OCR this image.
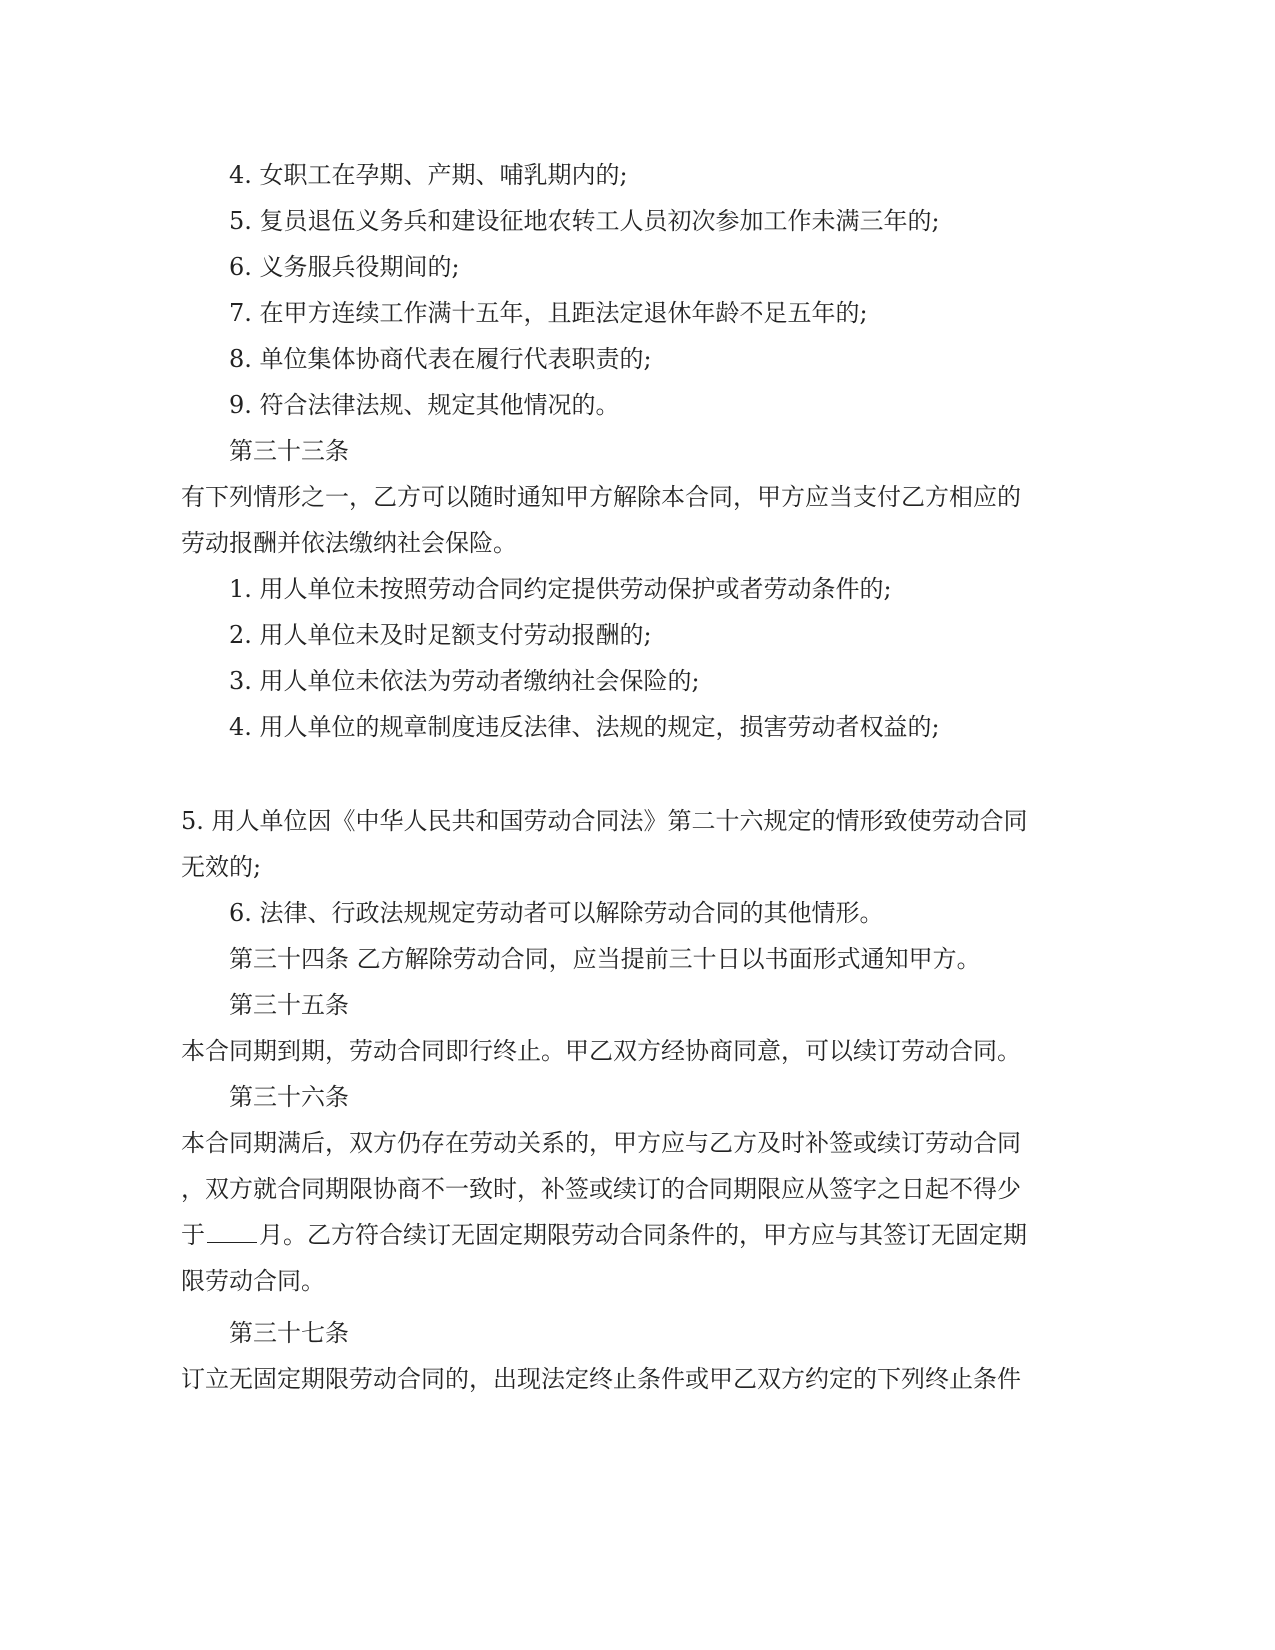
4. 女职工在孕期、产期、哺乳期内的;
5. 复员退伍义务兵和建设征地农转工人员初次参加工作未满三年的;
6. 义务服兵役期间的;
7. 在甲方连续工作满十五年，且距法定退休年龄不足五年的;
8. 单位集体协商代表在履行代表职责的;
9. 符合法律法规、规定其他情况的。
第三十三条
有下列情形之一，乙方可以随时通知甲方解除本合同，甲方应当支付乙方相应的
劳动报酬并依法缴纳社会保险。
1. 用人单位未按照劳动合同约定提供劳动保护或者劳动条件的;
2. 用人单位未及时足额支付劳动报酬的;
3. 用人单位未依法为劳动者缴纳社会保险的;
4. 用人单位的规章制度违反法律、法规的规定，损害劳动者权益的;
5. 用人单位因《中华人民共和国劳动合同法》第二十六规定的情形致使劳动合同
无效的;
6. 法律、行政法规规定劳动者可以解除劳动合同的其他情形。
第三十四条 乙方解除劳动合同，应当提前三十日以书面形式通知甲方。
第三十五条
本合同期到期，劳动合同即行终止。甲乙双方经协商同意，可以续订劳动合同。
第三十六条
本合同期满后，双方仍存在劳动关系的，甲方应与乙方及时补签或续订劳动合同
，双方就合同期限协商不一致时，补签或续订的合同期限应从签字之日起不得少
于 月。乙方符合续订无固定期限劳动合同条件的，甲方应与其签订无固定期
限劳动合同。
第三十七条
订立无固定期限劳动合同的，出现法定终止条件或甲乙双方约定的下列终止条件
